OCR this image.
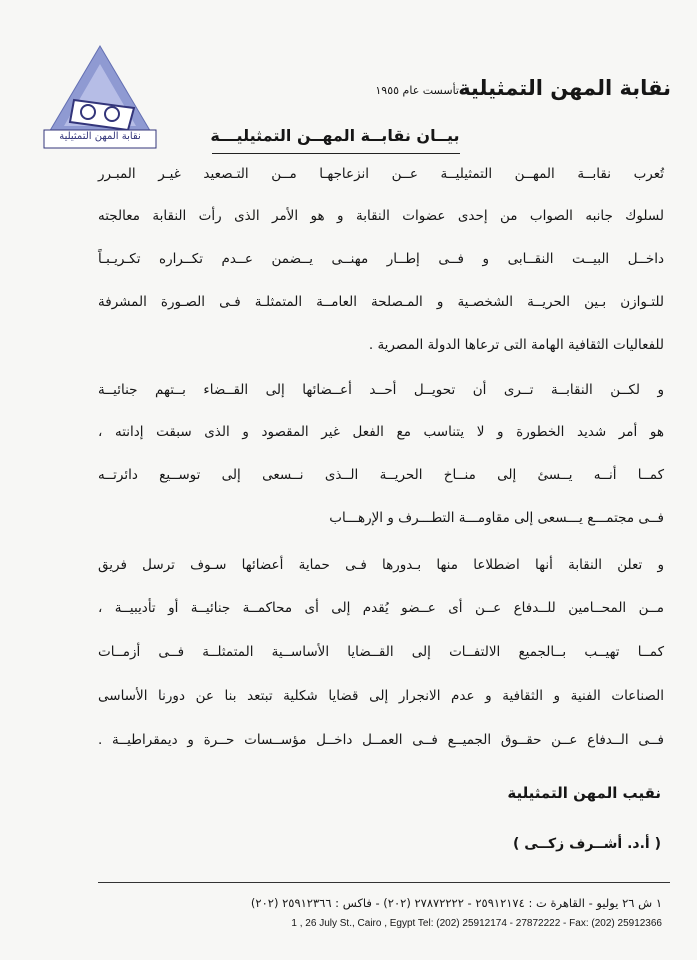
نقابة المهن التمثيلية
نقابة المهن التمثيلية
تأسست عام ١٩٥٥
بيــان نقابــة المهــن التمثيليـــة
تُعرب نقابــة المهــن التمثيليــة عــن انزعاجهـا مــن التـصعيد غيـر المبـرر
لسلوك جانبه الصواب من إحدى عضوات النقابة و هو الأمر الذى رأت النقابة معالجته
داخــل البيــت النقــابى و فــى إطــار مهنــى يــضمن عــدم تكــراره تكـريـبـاً
للتـوازن بـين الحريــة الشخصـية و المـصلحة العامــة المتمثلـة فـى الصـورة المشرفة
للفعاليات الثقافية الهامة التى ترعاها الدولة المصرية .
و لكــن النقابــة تــرى أن تحويــل أحــد أعــضائها إلى القــضاء بــتهم جنائيــة
هو أمر شديد الخطورة و لا يتناسب مع الفعل غير المقصود و الذى سبقت إدانته ،
كمــا أنــه يــسئ إلى منــاخ الحريــة الــذى نــسعى إلى توســيع دائرتــه
فــى مجتمـــع يـــسعى إلى مقاومـــة التطـــرف و الإرهـــاب
و تعلن النقابة أنها اضطلاعا منها بـدورها فـى حماية أعضائها سـوف ترسل فريق
مــن المحــامين للــدفاع عــن أى عــضو يُقدم إلى أى محاكمــة جنائيــة أو تأديبيــة ،
كمــا تهيــب بــالجميع الالتفــات إلى القــضايا الأساســية المتمثلــة فــى أزمــات
الصناعات الفنية و الثقافية و عدم الانجرار إلى قضايا شكلية تبتعد بنا عن دورنا الأساسى
فــى الــدفاع عــن حقــوق الجميــع فــى العمــل داخــل مؤســسات حــرة و ديمقراطيــة .
نقيب المهن التمثيلية
( أ.د. أشــرف زكــى )
١ ش ٢٦ يوليو - القاهرة ت : ٢٥٩١٢١٧٤ - ٢٧٨٧٢٢٢٢ (٢٠٢) - فاكس : ٢٥٩١٢٣٦٦ (٢٠٢)
1 , 26 July St., Cairo , Egypt Tel: (202) 25912174 - 27872222 - Fax: (202) 25912366
